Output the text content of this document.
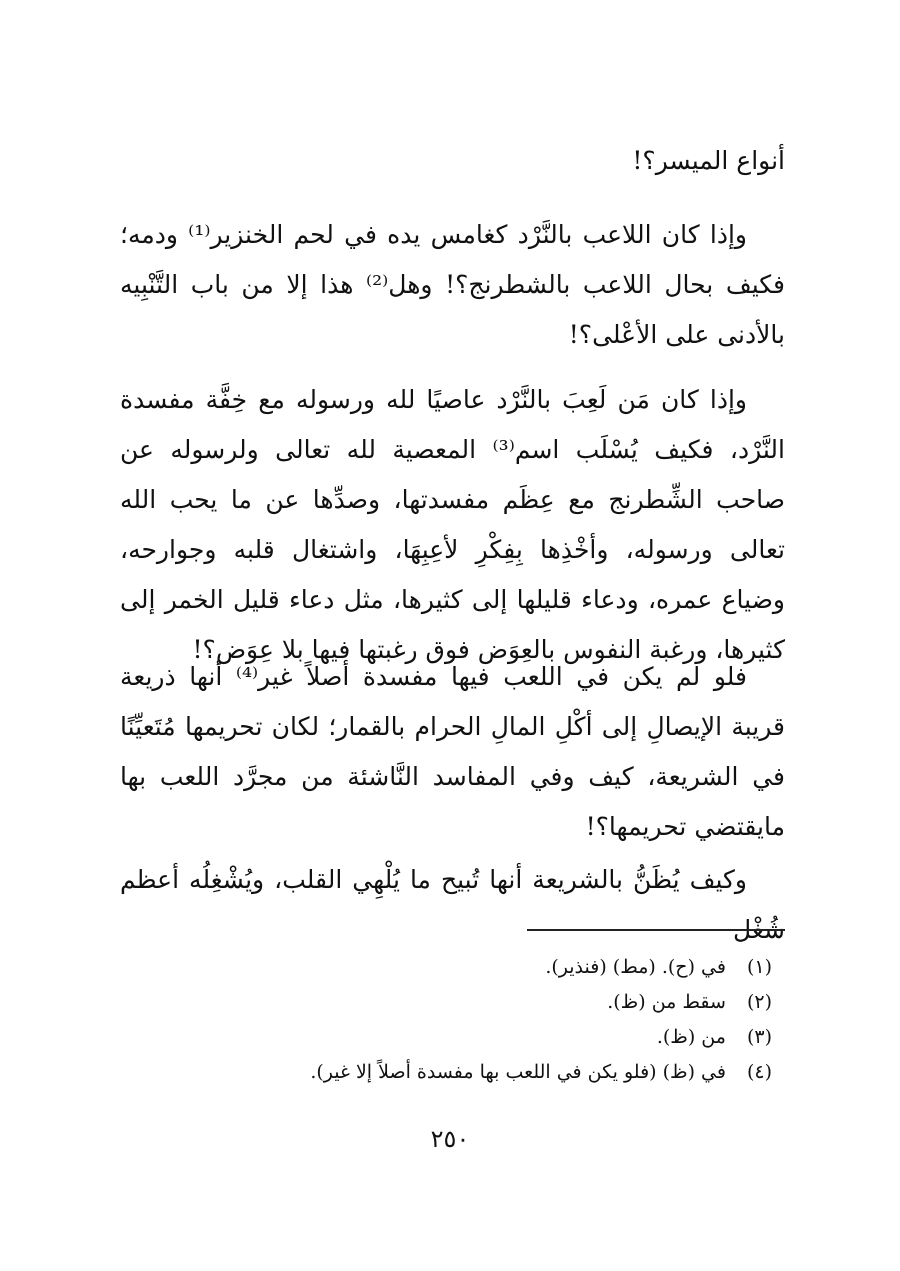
أنواع الميسر؟!

وإذا كان اللاعب بالنَّرْد كغامس يده في لحم الخنزير⁽¹⁾ ودمه؛ فكيف بحال اللاعب بالشطرنج؟! وهل⁽²⁾ هذا إلا من باب التَّنْبِيه بالأدنى على الأعْلى؟!

وإذا كان مَن لَعِبَ بالنَّرْد عاصيًا لله ورسوله مع خِفَّة مفسدة النَّرْد، فكيف يُسْلَب اسم⁽³⁾ المعصية لله تعالى ولرسوله عن صاحب الشِّطرنج مع عِظَم مفسدتها، وصدِّها عن ما يحب الله تعالى ورسوله، وأخْذِها بِفِكْرِ لأعِبِهَا، واشتغال قلبه وجوارحه، وضياع عمره، ودعاء قليلها إلى كثيرها، مثل دعاء قليل الخمر إلى كثيرها، ورغبة النفوس بالعِوَض فوق رغبتها فيها بلا عِوَض؟!

فلو لم يكن في اللعب فيها مفسدة أصلاً غير⁽⁴⁾ أنها ذريعة قريبة الإيصالِ إلى أكْلِ المالِ الحرام بالقمار؛ لكان تحريمها مُتَعيِّنًا في الشريعة، كيف وفي المفاسد النَّاشئة من مجرَّد اللعب بها مايقتضي تحريمها؟!

وكيف يُظَنُّ بالشريعة أنها تُبيح ما يُلْهِي القلب، ويُشْغِلُه أعظم شُغْل

(١) في (ح). (مط) (فنذير).
(٢) سقط من (ظ).
(٣) من (ظ).
(٤) في (ظ) (فلو يكن في اللعب بها مفسدة أصلاً إلا غير).
٢٥٠
